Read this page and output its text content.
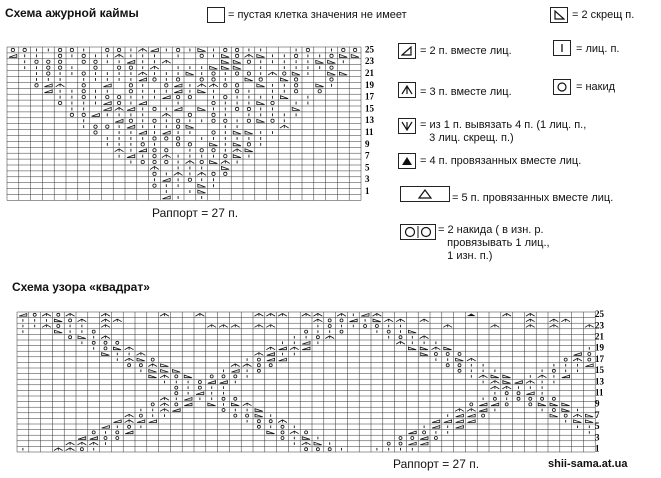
Схема ажурной каймы
Схема узора «квадрат»
25
23
21
19
17
15
13
11
9
7
5
3
1
Раппорт = 27 п.
25
23
21
19
17
15
13
11
9
7
5
3
1
Раппорт = 27 п.
= пустая клетка значения не имеет	= 2 скрещ п.
= 2 п. вместе лиц.	= лиц. п.
= 3 п. вместе лиц.	= накид
= из 1 п. вывязать 4 п. (1 лиц. п.,
3 лиц. скрещ. п.)
= 4 п. провязанных вместе лиц.
= 5 п. провязанных вместе лиц.
= 2 накида ( в изн. р.
провязывать 1 лиц.,
1 изн. п.)
shii-sama.at.ua
